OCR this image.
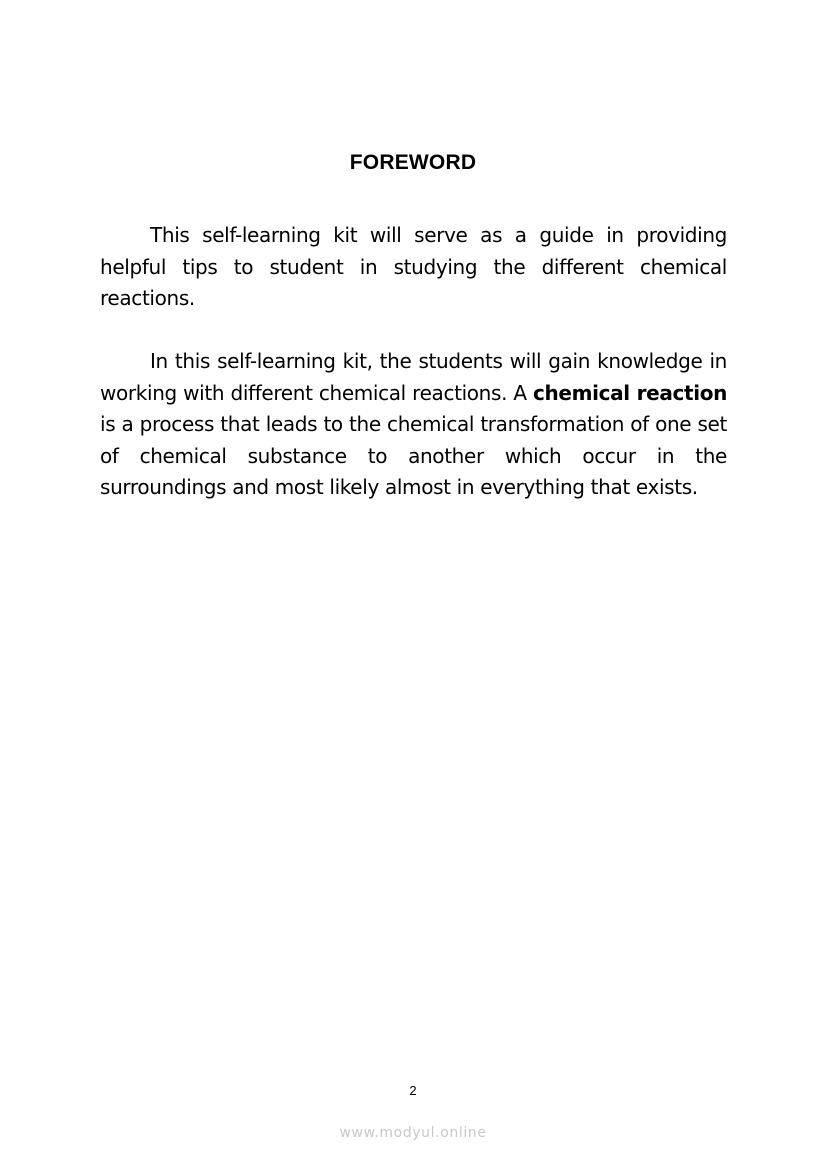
FOREWORD

This self-learning kit will serve as a guide in providing helpful tips to student in studying the different chemical reactions.

In this self-learning kit, the students will gain knowledge in working with different chemical reactions. A chemical reaction is a process that leads to the chemical transformation of one set of chemical substance to another which occur in the surroundings and most likely almost in everything that exists.

2
www.modyul.online
